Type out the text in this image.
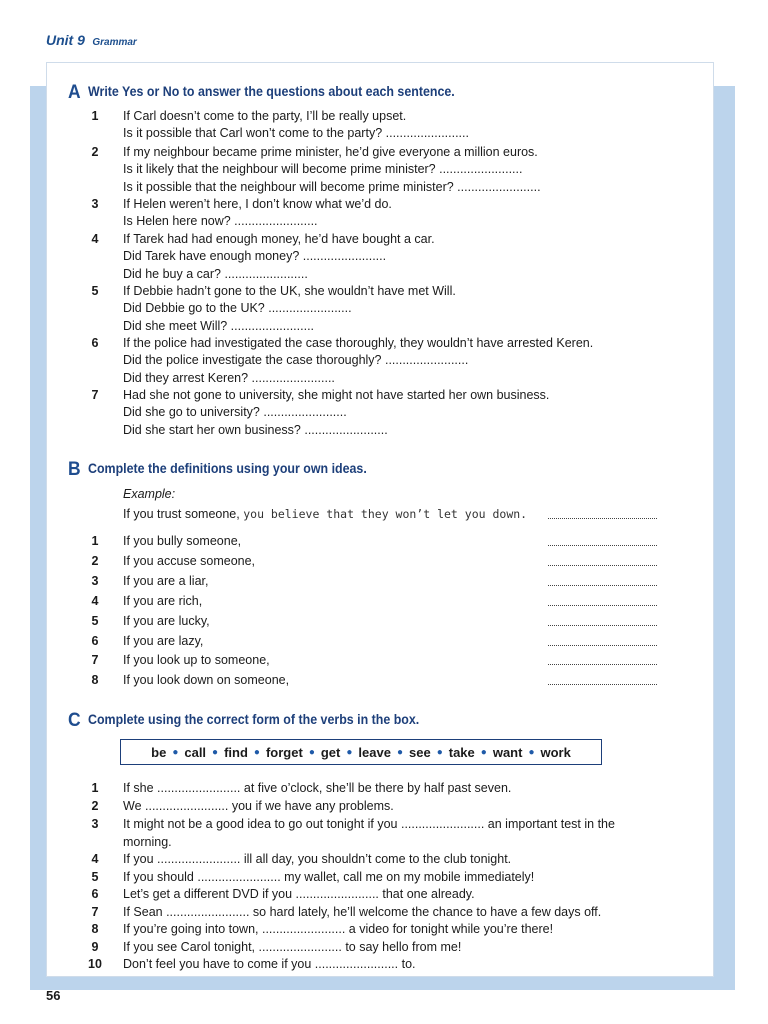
Unit 9 Grammar
A Write Yes or No to answer the questions about each sentence.
1	If Carl doesn’t come to the party, I’ll be really upset.
Is it possible that Carl won’t come to the party? ........................
2	If my neighbour became prime minister, he’d give everyone a million euros.
Is it likely that the neighbour will become prime minister? ........................
Is it possible that the neighbour will become prime minister? ........................
3	If Helen weren’t here, I don’t know what we’d do.
Is Helen here now? ........................
4	If Tarek had had enough money, he’d have bought a car.
Did Tarek have enough money? ........................
Did he buy a car? ........................
5	If Debbie hadn’t gone to the UK, she wouldn’t have met Will.
Did Debbie go to the UK? ........................
Did she meet Will? ........................
6	If the police had investigated the case thoroughly, they wouldn’t have arrested Keren.
Did the police investigate the case thoroughly? ........................
Did they arrest Keren? ........................
7	Had she not gone to university, she might not have started her own business.
Did she go to university? ........................
Did she start her own business? ........................
B Complete the definitions using your own ideas.
Example:
If you trust someone, you believe that they won’t let you down.
1	If you bully someone,
2	If you accuse someone,
3	If you are a liar,
4	If you are rich,
5	If you are lucky,
6	If you are lazy,
7	If you look up to someone,
8	If you look down on someone,
C Complete using the correct form of the verbs in the box.
be ● call ● find ● forget ● get ● leave ● see ● take ● want ● work
1	If she ........................ at five o’clock, she’ll be there by half past seven.
2	We ........................ you if we have any problems.
3	It might not be a good idea to go out tonight if you ........................ an important test in the
morning.
4	If you ........................ ill all day, you shouldn’t come to the club tonight.
5	If you should ........................ my wallet, call me on my mobile immediately!
6	Let’s get a different DVD if you ........................ that one already.
7	If Sean ........................ so hard lately, he’ll welcome the chance to have a few days off.
8	If you’re going into town, ........................ a video for tonight while you’re there!
9	If you see Carol tonight, ........................ to say hello from me!
10 Don’t feel you have to come if you ........................ to.
56
